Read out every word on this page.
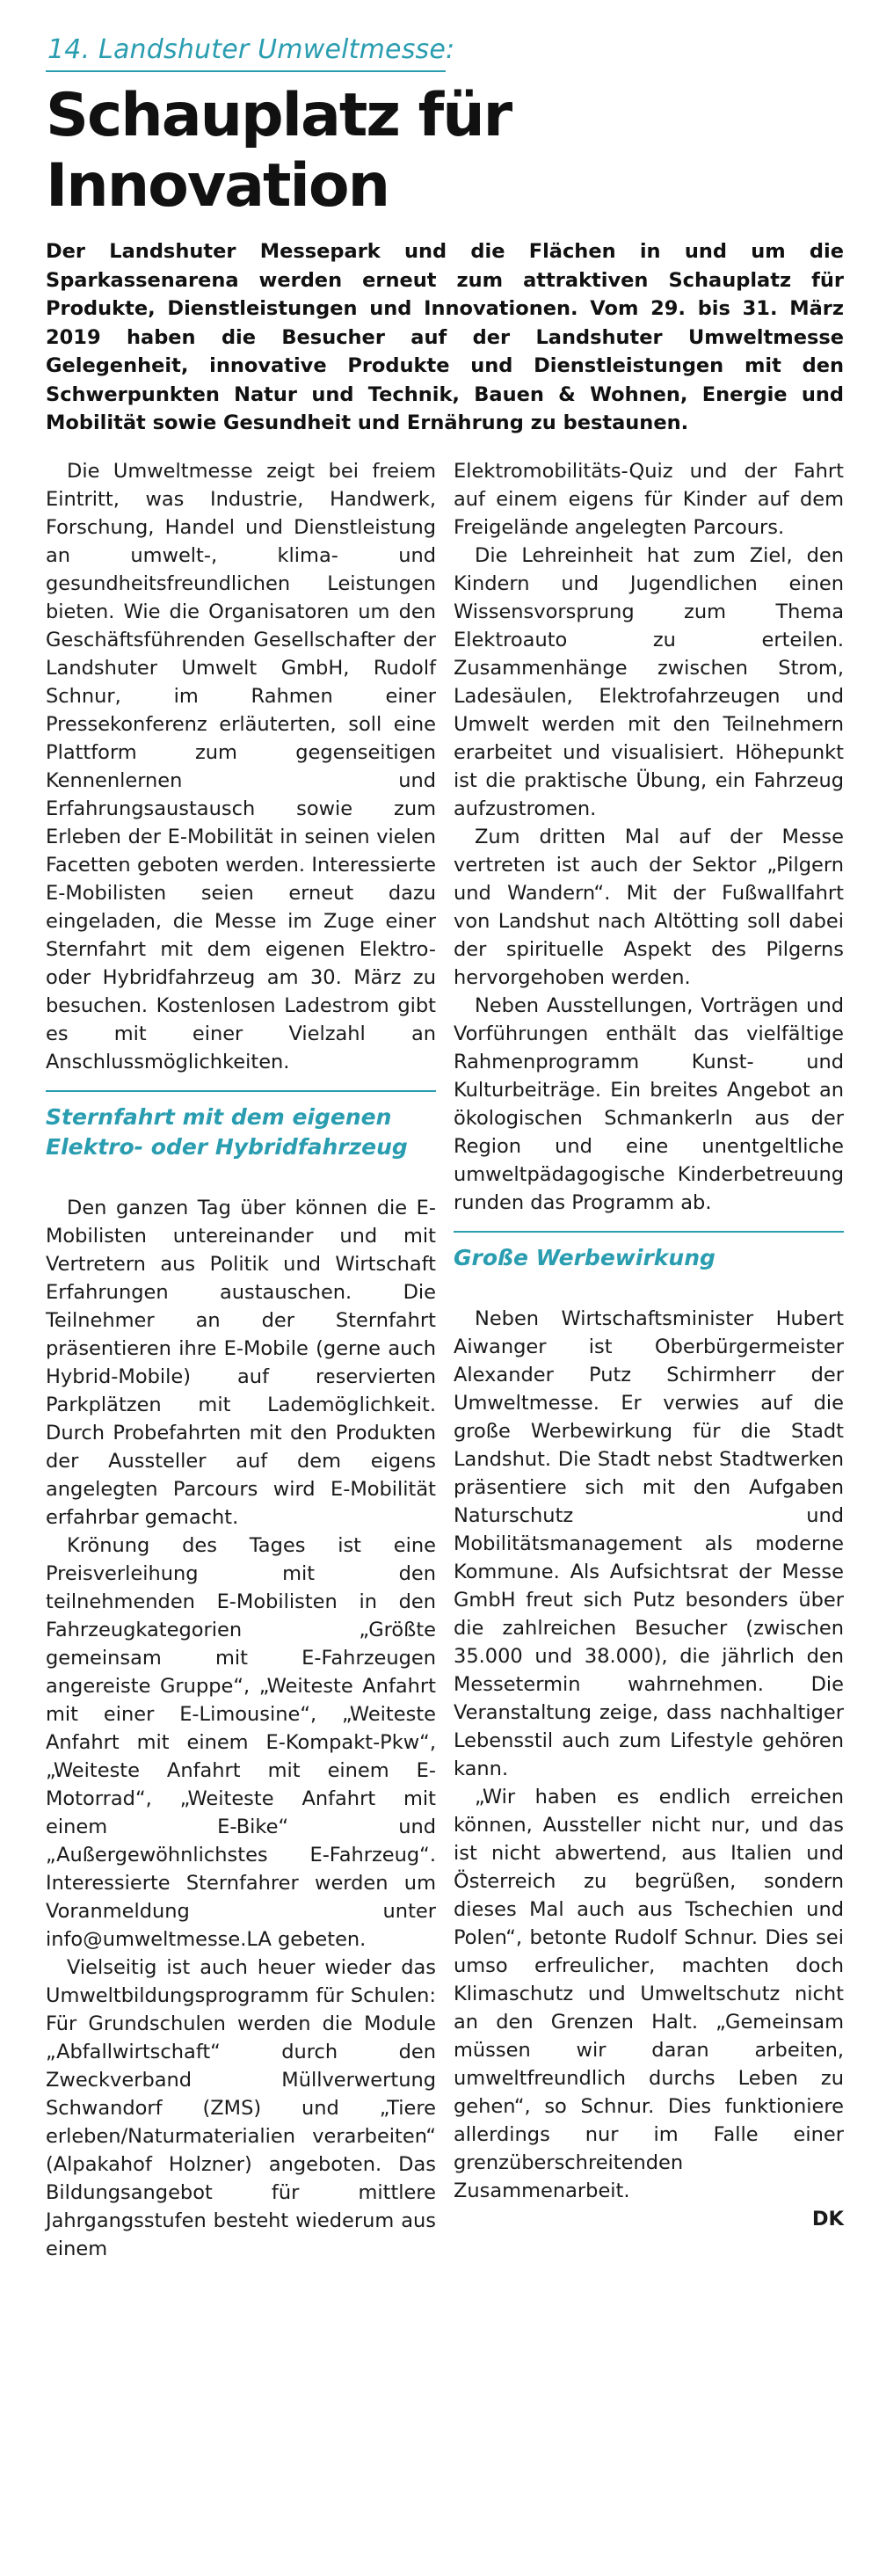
14. Landshuter Umweltmesse:
Schauplatz für Innovation

Der Landshuter Messepark und die Flächen in und um die Sparkassenarena werden erneut zum attraktiven Schauplatz für Produkte, Dienstleistungen und Innovationen. Vom 29. bis 31. März 2019 haben die Besucher auf der Landshuter Umweltmesse Gelegenheit, innovative Produkte und Dienstleistungen mit den Schwerpunkten Natur und Technik, Bauen & Wohnen, Energie und Mobilität sowie Gesundheit und Ernährung zu bestaunen.

Die Umweltmesse zeigt bei freiem Eintritt, was Industrie, Handwerk, Forschung, Handel und Dienstleistung an umwelt-, klima- und gesundheitsfreundlichen Leistungen bieten. Wie die Organisatoren um den Geschäftsführenden Gesellschafter der Landshuter Umwelt GmbH, Rudolf Schnur, im Rahmen einer Pressekonferenz erläuterten, soll eine Plattform zum gegenseitigen Kennenlernen und Erfahrungsaustausch sowie zum Erleben der E-Mobilität in seinen vielen Facetten geboten werden. Interessierte E-Mobilisten seien erneut dazu eingeladen, die Messe im Zuge einer Sternfahrt mit dem eigenen Elektro- oder Hybridfahrzeug am 30. März zu besuchen. Kostenlosen Ladestrom gibt es mit einer Vielzahl an Anschlussmöglichkeiten.

Sternfahrt mit dem eigenen Elektro- oder Hybridfahrzeug

Den ganzen Tag über können die E-Mobilisten untereinander und mit Vertretern aus Politik und Wirtschaft Erfahrungen austauschen. Die Teilnehmer an der Sternfahrt präsentieren ihre E-Mobile (gerne auch Hybrid-Mobile) auf reservierten Parkplätzen mit Lademöglichkeit. Durch Probefahrten mit den Produkten der Aussteller auf dem eigens angelegten Parcours wird E-Mobilität erfahrbar gemacht.

Krönung des Tages ist eine Preisverleihung mit den teilnehmenden E-Mobilisten in den Fahrzeugkategorien „Größte gemeinsam mit E-Fahrzeugen angereiste Gruppe“, „Weiteste Anfahrt mit einer E-Limousine“, „Weiteste Anfahrt mit einem E-Kompakt-Pkw“, „Weiteste Anfahrt mit einem E-Motorrad“, „Weiteste Anfahrt mit einem E-Bike“ und „Außergewöhnlichstes E-Fahrzeug“. Interessierte Sternfahrer werden um Voranmeldung unter info@umweltmesse.LA gebeten.

Vielseitig ist auch heuer wieder das Umweltbildungsprogramm für Schulen: Für Grundschulen werden die Module „Abfallwirtschaft“ durch den Zweckverband Müllverwertung Schwandorf (ZMS) und „Tiere erleben/Naturmaterialien verarbeiten“ (Alpakahof Holzner) angeboten. Das Bildungsangebot für mittlere Jahrgangsstufen besteht wiederum aus einem

Elektromobilitäts-Quiz und der Fahrt auf einem eigens für Kinder auf dem Freigelände angelegten Parcours.

Die Lehreinheit hat zum Ziel, den Kindern und Jugendlichen einen Wissensvorsprung zum Thema Elektroauto zu erteilen. Zusammenhänge zwischen Strom, Ladesäulen, Elektrofahrzeugen und Umwelt werden mit den Teilnehmern erarbeitet und visualisiert. Höhepunkt ist die praktische Übung, ein Fahrzeug aufzustromen.

Zum dritten Mal auf der Messe vertreten ist auch der Sektor „Pilgern und Wandern“. Mit der Fußwallfahrt von Landshut nach Altötting soll dabei der spirituelle Aspekt des Pilgerns hervorgehoben werden.

Neben Ausstellungen, Vorträgen und Vorführungen enthält das vielfältige Rahmenprogramm Kunst- und Kulturbeiträge. Ein breites Angebot an ökologischen Schmankerln aus der Region und eine unentgeltliche umweltpädagogische Kinderbetreuung runden das Programm ab.

Große Werbewirkung

Neben Wirtschaftsminister Hubert Aiwanger ist Oberbürgermeister Alexander Putz Schirmherr der Umweltmesse. Er verwies auf die große Werbewirkung für die Stadt Landshut. Die Stadt nebst Stadtwerken präsentiere sich mit den Aufgaben Naturschutz und Mobilitätsmanagement als moderne Kommune. Als Aufsichtsrat der Messe GmbH freut sich Putz besonders über die zahlreichen Besucher (zwischen 35.000 und 38.000), die jährlich den Messetermin wahrnehmen. Die Veranstaltung zeige, dass nachhaltiger Lebensstil auch zum Lifestyle gehören kann.

„Wir haben es endlich erreichen können, Aussteller nicht nur, und das ist nicht abwertend, aus Italien und Österreich zu begrüßen, sondern dieses Mal auch aus Tschechien und Polen“, betonte Rudolf Schnur. Dies sei umso erfreulicher, machten doch Klimaschutz und Umweltschutz nicht an den Grenzen Halt. „Gemeinsam müssen wir daran arbeiten, umweltfreundlich durchs Leben zu gehen“, so Schnur. Dies funktioniere allerdings nur im Falle einer grenzüberschreitenden Zusammenarbeit.

DK
